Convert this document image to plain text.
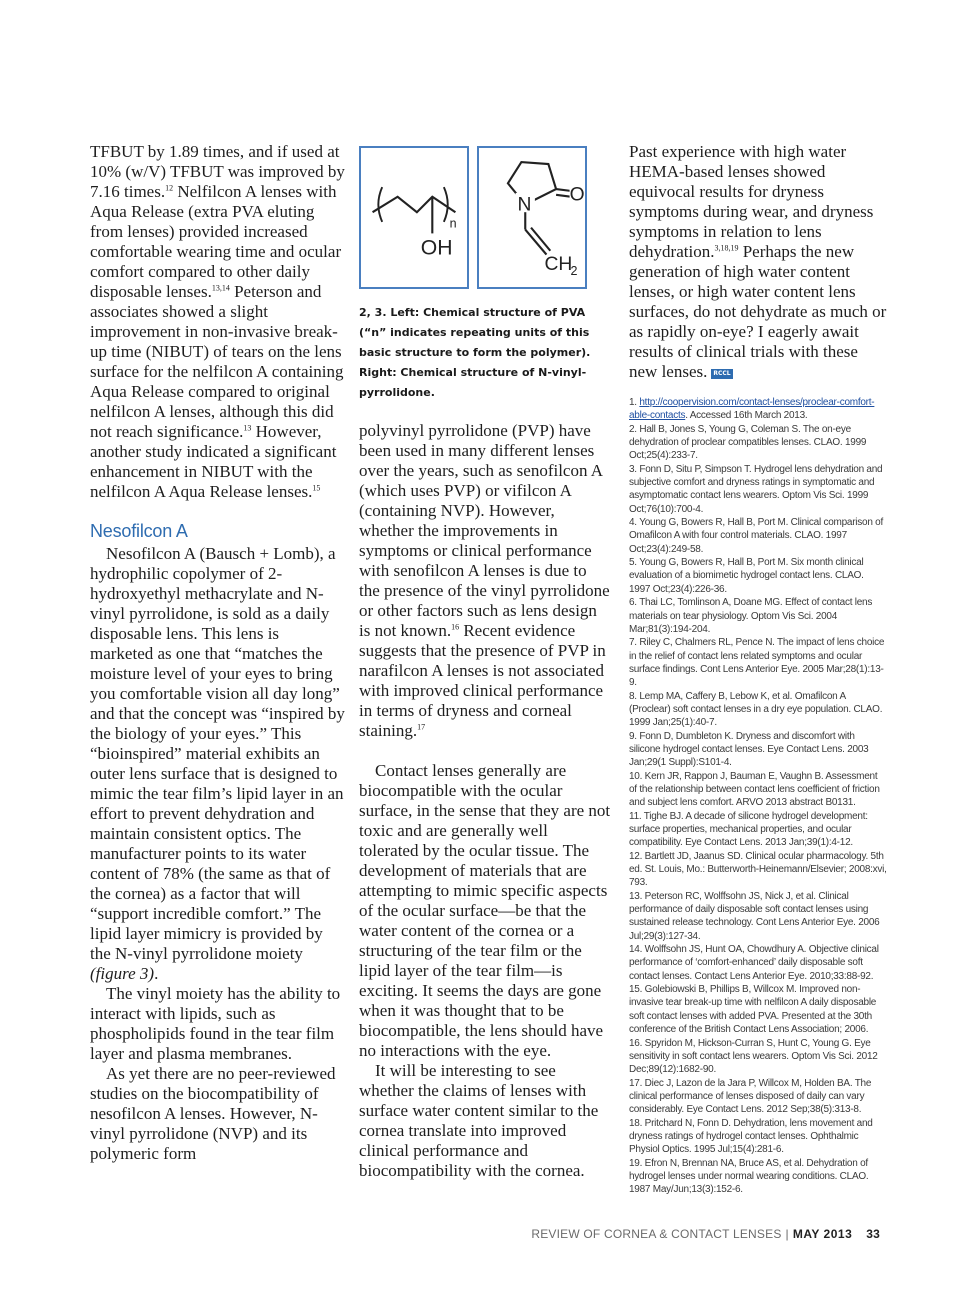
TFBUT by 1.89 times, and if used at 10% (w/V) TFBUT was improved by 7.16 times.$^{12}$ Nelfilcon A lenses with Aqua Release (extra PVA eluting from lenses) provided increased comfortable wearing time and ocular comfort compared to other daily disposable lenses.$^{13,14}$ Peterson and associates showed a slight improvement in non-invasive break-up time (NIBUT) of tears on the lens surface for the nelfilcon A containing Aqua Release compared to original nelfilcon A lenses, although this did not reach significance.$^{13}$ However, another study indicated a significant enhancement in NIBUT with the nelfilcon A Aqua Release lenses.$^{15}$

Nesofilcon A

Nesofilcon A (Bausch + Lomb), a hydrophilic copolymer of 2-hydroxyethyl methacrylate and N-vinyl pyrrolidone, is sold as a daily disposable lens. This lens is marketed as one that “matches the moisture level of your eyes to bring you comfortable vision all day long” and that the concept was “inspired by the biology of your eyes.” This “bioinspired” material exhibits an outer lens surface that is designed to mimic the tear film’s lipid layer in an effort to prevent dehydration and maintain consistent optics. The manufacturer points to its water content of 78% (the same as that of the cornea) as a factor that will “support incredible comfort.” The lipid layer mimicry is provided by the N-vinyl pyrrolidone moiety (figure 3).

The vinyl moiety has the ability to interact with lipids, such as phospholipids found in the tear film layer and plasma membranes.

As yet there are no peer-reviewed studies on the biocompatibility of nesofilcon A lenses. However, N-vinyl pyrrolidone (NVP) and its polymeric form

n
OH
N O
CH
2
2, 3. Left: Chemical structure of PVA (“n” indicates repeating units of this basic structure to form the polymer). Right: Chemical structure of N-vinyl-pyrrolidone.

polyvinyl pyrrolidone (PVP) have been used in many different lenses over the years, such as senofilcon A (which uses PVP) or vifilcon A (containing NVP). However, whether the improvements in symptoms or clinical performance with senofilcon A lenses is due to the presence of the vinyl pyrrolidone or other factors such as lens design is not known.$^{16}$ Recent evidence suggests that the presence of PVP in narafilcon A lenses is not associated with improved clinical performance in terms of dryness and corneal staining.$^{17}$

Contact lenses generally are biocompatible with the ocular surface, in the sense that they are not toxic and are generally well tolerated by the ocular tissue. The development of materials that are attempting to mimic specific aspects of the ocular surface—be that the water content of the cornea or a structuring of the tear film or the lipid layer of the tear film—is exciting. It seems the days are gone when it was thought that to be biocompatible, the lens should have no interactions with the eye.

It will be interesting to see whether the claims of lenses with surface water content similar to the cornea translate into improved clinical performance and biocompatibility with the cornea.

Past experience with high water HEMA-based lenses showed equivocal results for dryness symptoms during wear, and dryness symptoms in relation to lens dehydration.$^{3,18,19}$ Perhaps the new generation of high water content lenses, or high water content lens surfaces, do not dehydrate as much or as rapidly on-eye? I eagerly await results of clinical trials with these new lenses. RCCL

1. http://coopervision.com/contact-lenses/proclear-comfort-able-contacts. Accessed 16th March 2013.

2. Hall B, Jones S, Young G, Coleman S. The on-eye dehydration of proclear compatibles lenses. CLAO. 1999 Oct;25(4):233-7.

3. Fonn D, Situ P, Simpson T. Hydrogel lens dehydration and subjective comfort and dryness ratings in symptomatic and asymptomatic contact lens wearers. Optom Vis Sci. 1999 Oct;76(10):700-4.

4. Young G, Bowers R, Hall B, Port M. Clinical comparison of Omafilcon A with four control materials. CLAO. 1997 Oct;23(4):249-58.

5. Young G, Bowers R, Hall B, Port M. Six month clinical evaluation of a biomimetic hydrogel contact lens. CLAO. 1997 Oct;23(4):226-36.

6. Thai LC, Tomlinson A, Doane MG. Effect of contact lens materials on tear physiology. Optom Vis Sci. 2004 Mar;81(3):194-204.

7. Riley C, Chalmers RL, Pence N. The impact of lens choice in the relief of contact lens related symptoms and ocular surface findings. Cont Lens Anterior Eye. 2005 Mar;28(1):13-9.

8. Lemp MA, Caffery B, Lebow K, et al. Omafilcon A (Proclear) soft contact lenses in a dry eye population. CLAO. 1999 Jan;25(1):40-7.

9. Fonn D, Dumbleton K. Dryness and discomfort with silicone hydrogel contact lenses. Eye Contact Lens. 2003 Jan;29(1 Suppl):S101-4.

10. Kern JR, Rappon J, Bauman E, Vaughn B. Assessment of the relationship between contact lens coefficient of friction and subject lens comfort. ARVO 2013 abstract B0131.

11. Tighe BJ. A decade of silicone hydrogel development: surface properties, mechanical properties, and ocular compatibility. Eye Contact Lens. 2013 Jan;39(1):4-12.

12. Bartlett JD, Jaanus SD. Clinical ocular pharmacology. 5th ed. St. Louis, Mo.: Butterworth-Heinemann/Elsevier; 2008:xvi, 793.

13. Peterson RC, Wolffsohn JS, Nick J, et al. Clinical performance of daily disposable soft contact lenses using sustained release technology. Cont Lens Anterior Eye. 2006 Jul;29(3):127-34.

14. Wolffsohn JS, Hunt OA, Chowdhury A. Objective clinical performance of ‘comfort-enhanced’ daily disposable soft contact lenses. Contact Lens Anterior Eye. 2010;33:88-92.

15. Golebiowski B, Phillips B, Willcox M. Improved non-invasive tear break-up time with nelfilcon A daily disposable soft contact lenses with added PVA. Presented at the 30th conference of the British Contact Lens Association; 2006.

16. Spyridon M, Hickson-Curran S, Hunt C, Young G. Eye sensitivity in soft contact lens wearers. Optom Vis Sci. 2012 Dec;89(12):1682-90.

17. Diec J, Lazon de la Jara P, Willcox M, Holden BA. The clinical performance of lenses disposed of daily can vary considerably. Eye Contact Lens. 2012 Sep;38(5):313-8.

18. Pritchard N, Fonn D. Dehydration, lens movement and dryness ratings of hydrogel contact lenses. Ophthalmic Physiol Optics. 1995 Jul;15(4):281-6.

19. Efron N, Brennan NA, Bruce AS, et al. Dehydration of hydrogel lenses under normal wearing conditions. CLAO. 1987 May/Jun;13(3):152-6.

REVIEW OF CORNEA & CONTACT LENSES | MAY 2013 33
